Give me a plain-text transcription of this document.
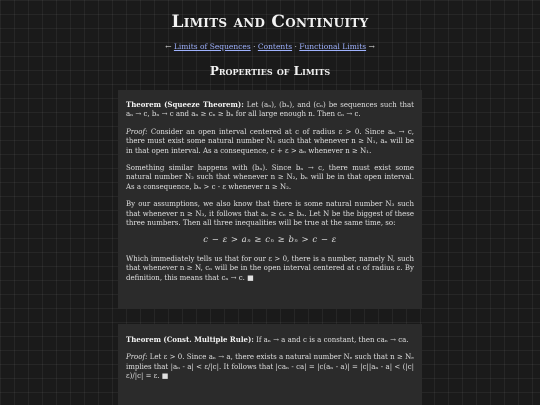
Limits and Continuity
← Limits of Sequences · Contents · Functional Limits →
Properties of Limits

Theorem (Squeeze Theorem): Let (aₙ), (bₙ), and (cₙ) be sequences such that aₙ → c, bₙ → c and aₙ ≥ cₙ ≥ bₙ for all large enough n. Then cₙ → c.

Proof: Consider an open interval centered at c of radius ε > 0. Since aₙ → c, there must exist some natural number N₁ such that whenever n ≥ N₁, aₙ will be in that open interval. As a consequence, c + ε > aₙ whenever n ≥ N₁.

Something similar happens with (bₙ). Since bₙ → c, there must exist some natural number N₂ such that whenever n ≥ N₂, bₙ will be in that open interval. As a consequence, bₙ > c - ε whenever n ≥ N₂.

By our assumptions, we also know that there is some natural number N₃ such that whenever n ≥ N₃, it follows that aₙ ≥ cₙ ≥ bₙ. Let N be the biggest of these three numbers. Then all three inequalities will be true at the same time, so:

c − ε > aₙ ≥ cₙ ≥ bₙ > c − ε

Which immediately tells us that for our ε > 0, there is a number, namely N, such that whenever n ≥ N, cₙ will be in the open interval centered at c of radius ε. By definition, this means that cₙ → c. ■

Theorem (Const. Multiple Rule): If aₙ → a and c is a constant, then caₙ → ca.

Proof: Let ε > 0. Since aₙ → a, there exists a natural number Nₑ such that n ≥ Nₑ implies that |aₙ - a| < ε/|c|. It follows that |caₙ - ca| = |c(aₙ - a)| = |c||aₙ - a| < (|c|ε)/|c| = ε. ■
